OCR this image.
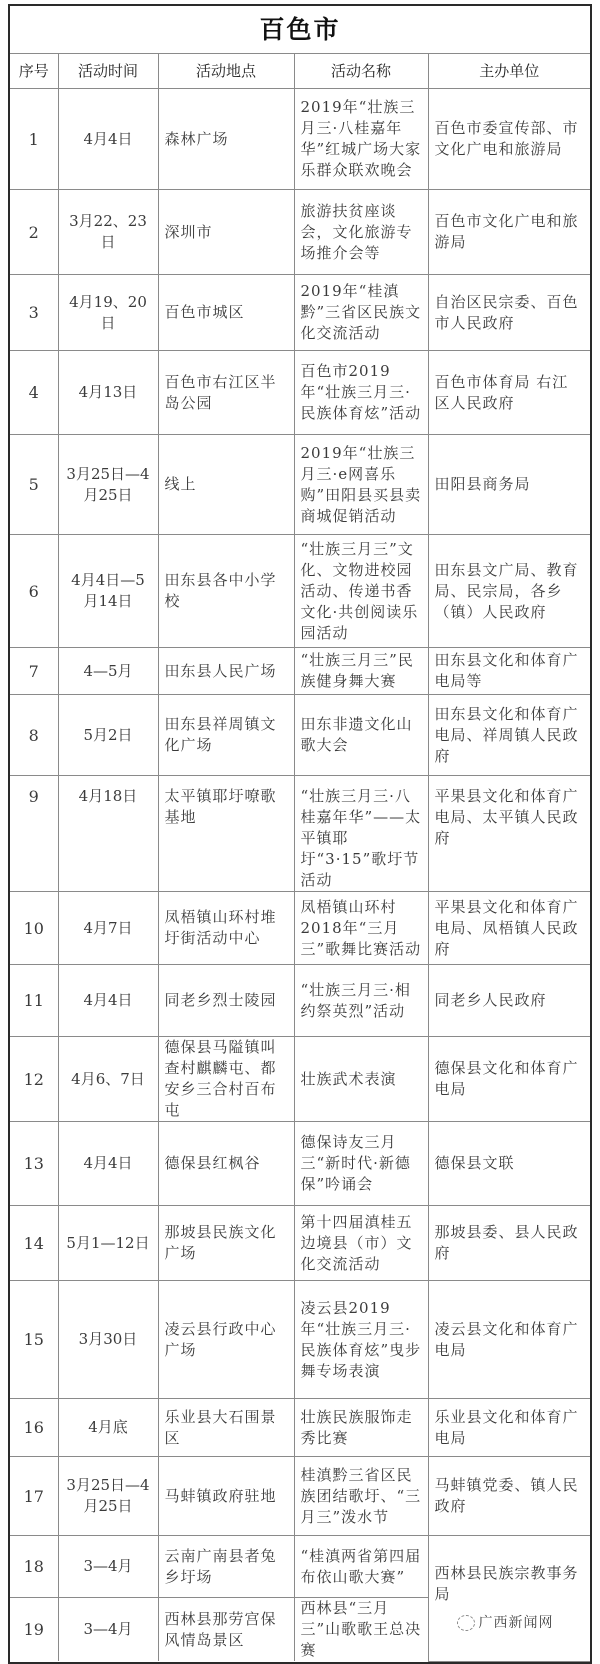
百色市				
序号	活动时间	活动地点	活动名称	主办单位
1	4月4日	森林广场	2019年“壮族三月三·八桂嘉年华”红城广场大家乐群众联欢晚会	百色市委宣传部、市文化广电和旅游局
2	3月22、23日	深圳市	旅游扶贫座谈会，文化旅游专场推介会等	百色市文化广电和旅游局
3	4月19、20日	百色市城区	2019年“桂滇黔”三省区民族文化交流活动	自治区民宗委、百色市人民政府
4	4月13日	百色市右江区半岛公园	百色市2019年“壮族三月三·民族体育炫”活动	百色市体育局 右江区人民政府
5	3月25日—4月25日	线上	2019年“壮族三月三·e网喜乐购”田阳县买县卖商城促销活动	田阳县商务局
6	4月4日—5月14日	田东县各中小学校	“壮族三月三”文化、文物进校园活动、传递书香文化·共创阅读乐园活动	田东县文广局、教育局、民宗局，各乡（镇）人民政府
7	4—5月	田东县人民广场	“壮族三月三”民族健身舞大赛	田东县文化和体育广电局等
8	5月2日	田东县祥周镇文化广场	田东非遗文化山歌大会	田东县文化和体育广电局、祥周镇人民政府
9	4月18日	太平镇耶圩嘹歌基地	“壮族三月三·八桂嘉年华”——太平镇耶圩“3·15”歌圩节活动	平果县文化和体育广电局、太平镇人民政府
10	4月7日	凤梧镇山环村堆圩街活动中心	凤梧镇山环村2018年“三月三”歌舞比赛活动	平果县文化和体育广电局、凤梧镇人民政府
11	4月4日	同老乡烈士陵园	“壮族三月三·相约祭英烈”活动	同老乡人民政府
12	4月6、7日	德保县马隘镇叫查村麒麟屯、都安乡三合村百布屯	壮族武术表演	德保县文化和体育广电局
13	4月4日	德保县红枫谷	德保诗友三月三“新时代·新德保”吟诵会	德保县文联
14	5月1—12日	那坡县民族文化广场	第十四届滇桂五边境县（市）文化交流活动	那坡县委、县人民政府
15	3月30日	凌云县行政中心广场	凌云县2019年“壮族三月三·民族体育炫”曳步舞专场表演	凌云县文化和体育广电局
16	4月底	乐业县大石围景区	壮族民族服饰走秀比赛	乐业县文化和体育广电局
17	3月25日—4月25日	马蚌镇政府驻地	桂滇黔三省区民族团结歌圩、“三月三”泼水节	马蚌镇党委、镇人民政府
18	3—4月	云南广南县者兔乡圩场	“桂滇两省第四届布依山歌大赛”	西林县民族宗教事务局
广西新闻网

19	3—4月	西林县那劳宫保风情岛景区	西林县“三月三”山歌歌王总决赛	
